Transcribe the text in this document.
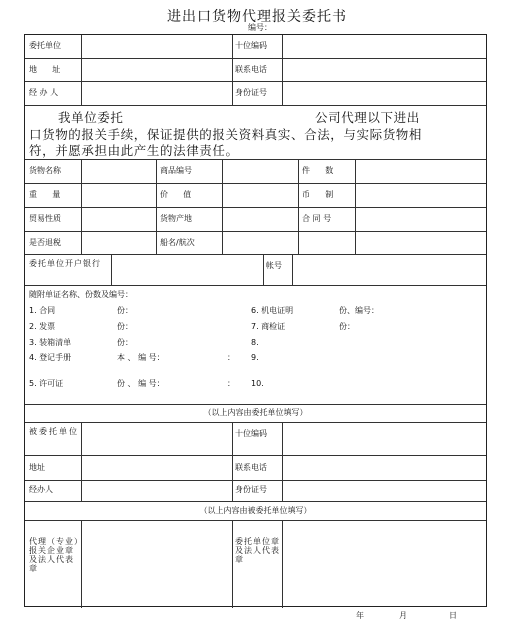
进出口货物代理报关委托书
编号：
委托单位	十位编码
地      址	联系电话
经 办 人	身份证号
我单位委托	公司代理以下进出
口货物的报关手续，保证提供的报关资料真实、合法，与实际货物相
符，并愿承担由此产生的法律责任。
货物名称	商品编号	件      数
重      量	价      值	币      制
贸易性质	货物产地	合 同 号
是否退税	船名/航次
委托单位开户银行	帐号
随附单证名称、份数及编号：
1. 合同	份：
2. 发票	份：
3. 装箱清单	份：
4. 登记手册	本 、 编 号：	：
5. 许可证	份 、 编 号：	：
6. 机电证明	份、编号：
7. 商检证	份：
8.
9.
10.
（以上内容由委托单位填写）
被委托单位	十位编码
地址	联系电话
经办人	身份证号
（以上内容由被委托单位填写）
代理（专业）报关企业章及法人代表章
委托单位章及法人代表章
年	月	日
